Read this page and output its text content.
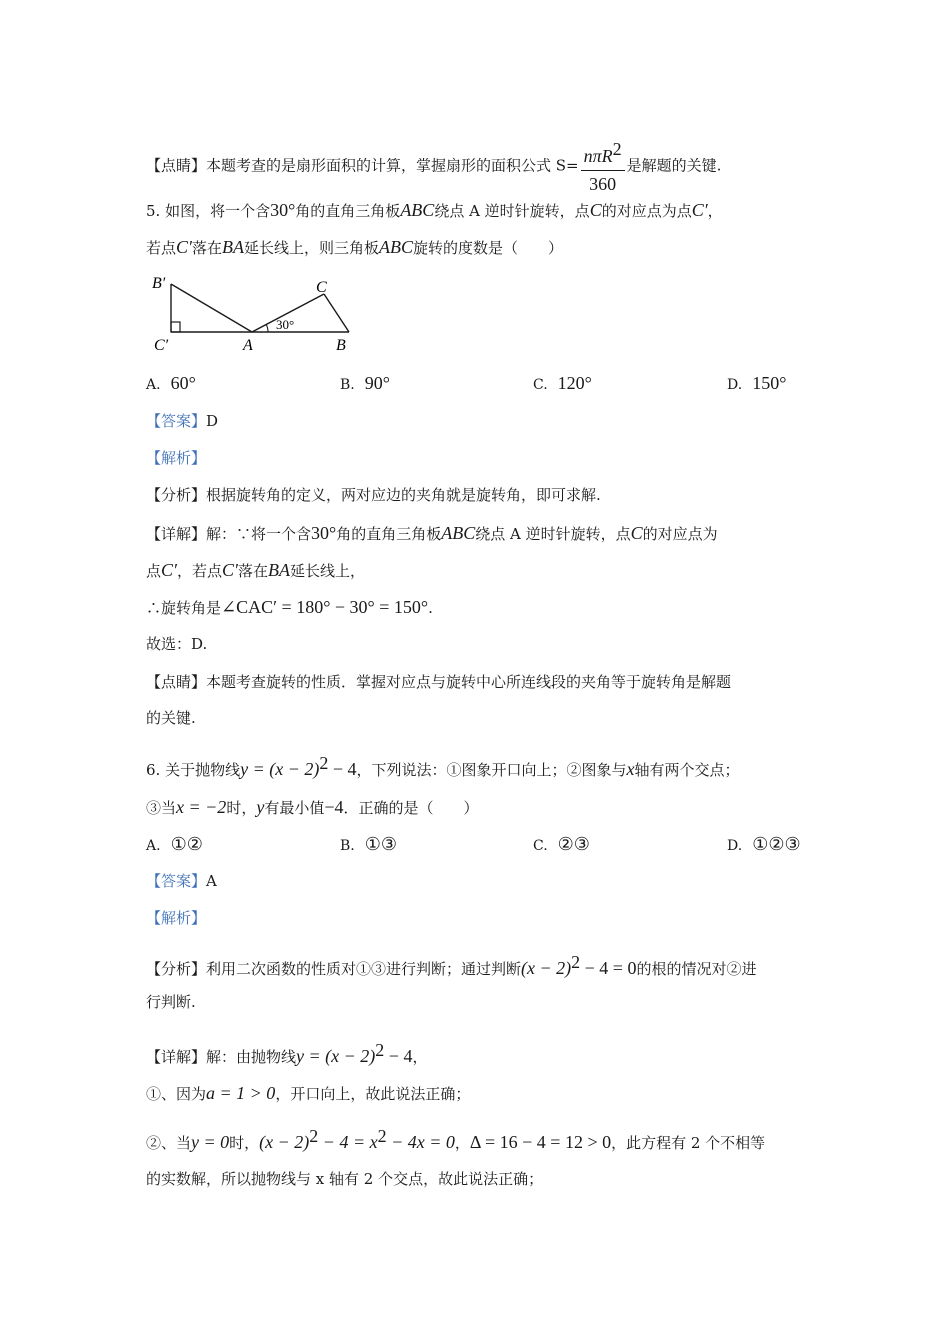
【点睛】本题考查的是扇形面积的计算，掌握扇形的面积公式 $S= \frac{n\pi R^2}{360}$ 是解题的关键.
5. 如图，将一个含30°角的直角三角板ABC绕点 A 逆时针旋转，点C的对应点为点C′，
若点C′落在BA延长线上，则三角板ABC旋转的度数是（　　）
B′
C′	A	B
C
30°
A. 60°	B. 90°	C. 120°	D. 150°
【答案】D
【解析】
【分析】根据旋转角的定义，两对应边的夹角就是旋转角，即可求解.
【详解】解：∵将一个含30°角的直角三角板ABC绕点 A 逆时针旋转，点C的对应点为
点C′，若点C′落在BA延长线上，
∴旋转角是∠CAC′ = 180° − 30° = 150°.
故选：D.
【点睛】本题考查旋转的性质．掌握对应点与旋转中心所连线段的夹角等于旋转角是解题
的关键.
6. 关于抛物线$y = (x - 2)^2 - 4$，下列说法：①图象开口向上；②图象与x轴有两个交点；
③当x = −2时，y有最小值−4．正确的是（　　）
A. ①②	B. ①③	C. ②③	D. ①②③
【答案】A
【解析】
【分析】利用二次函数的性质对①③进行判断；通过判断$(x - 2)^2 - 4 = 0$的根的情况对②进
行判断.
【详解】解：由抛物线$y = (x - 2)^2 - 4$，
①、因为a = 1 > 0，开口向上，故此说法正确；
②、当y = 0时，$(x - 2)^2 - 4 = x^2 - 4x = 0$，Δ = 16 − 4 = 12 > 0，此方程有 2 个不相等
的实数解，所以抛物线与 x 轴有 2 个交点，故此说法正确；
